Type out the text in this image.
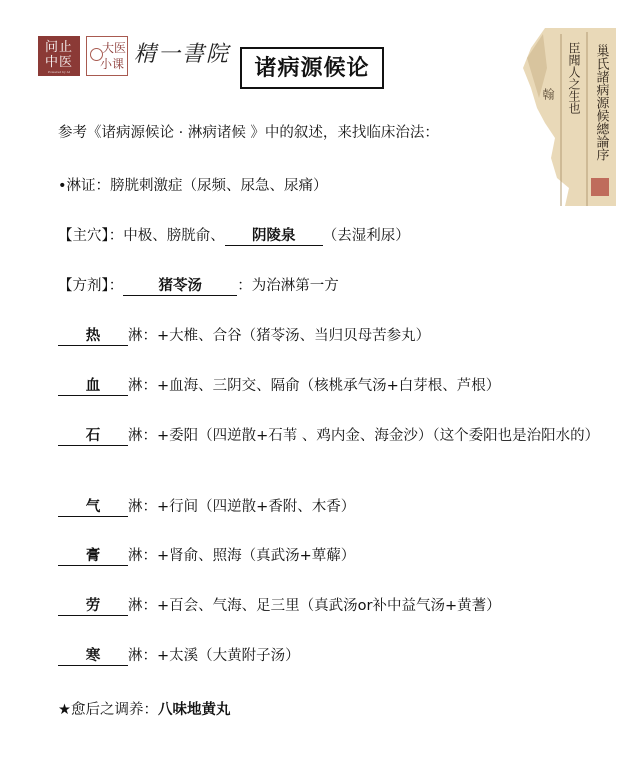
问止
中医
Powered by AI
大医
小课 精一書院
诸病源候论	巢氏諸病源候總論序
臣聞人之生也
翰
参考《诸病源候论 · 淋病诸候 》中的叙述，来找临床治法：
•淋证：膀胱刺激症（尿频、尿急、尿痛）
【主穴】：中极、膀胱俞、 阴陵泉 （去湿利尿）
【方剂】： 猪苓汤 ：为治淋第一方
热 淋：+大椎、合谷（猪苓汤、当归贝母苦参丸）
血 淋：+血海、三阴交、隔俞（核桃承气汤+白芽根、芦根）
石 淋：+委阳（四逆散+石苇 、鸡内金、海金沙）（这个委阳也是治阳水的）
气 淋：+行间（四逆散+香附、木香）
膏 淋：+肾俞、照海（真武汤+萆薢）
劳 淋：+百会、气海、足三里（真武汤or补中益气汤+黄蓍）
寒 淋：+太溪（大黄附子汤）
★愈后之调养：八味地黄丸
